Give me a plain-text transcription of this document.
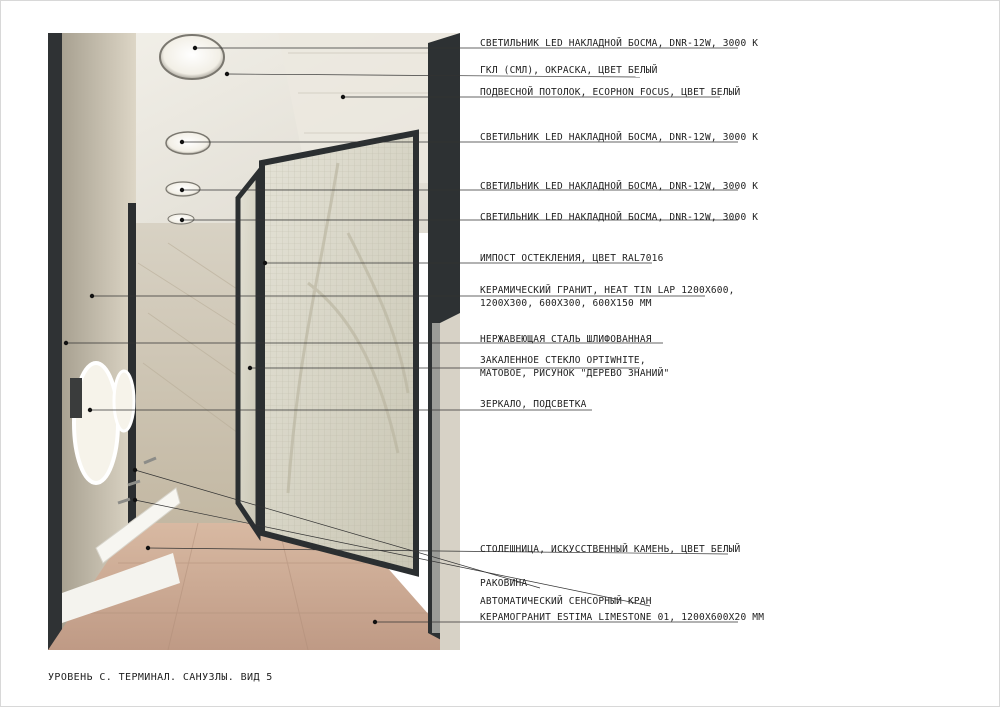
СВЕТИЛЬНИК LED НАКЛАДНОЙ БОСМА, DNR-12W, 3000 K
ГКЛ (СМЛ), ОКРАСКА, ЦВЕТ БЕЛЫЙ
ПОДВЕСНОЙ ПОТОЛОК, ECOPHON FOCUS, ЦВЕТ БЕЛЫЙ
СВЕТИЛЬНИК LED НАКЛАДНОЙ БОСМА, DNR-12W, 3000 K
СВЕТИЛЬНИК LED НАКЛАДНОЙ БОСМА, DNR-12W, 3000 K
СВЕТИЛЬНИК LED НАКЛАДНОЙ БОСМА, DNR-12W, 3000 K
ИМПОСТ ОСТЕКЛЕНИЯ, ЦВЕТ RAL7016
КЕРАМИЧЕСКИЙ ГРАНИТ, HEAT TIN LAP 1200Х600,
1200Х300, 600Х300, 600Х150 ММ
НЕРЖАВЕЮЩАЯ СТАЛЬ ШЛИФОВАННАЯ
ЗАКАЛЕННОЕ СТЕКЛО OPTIWHITE,
МАТОВОЕ, РИСУНОК "ДЕРЕВО ЗНАНИЙ"
ЗЕРКАЛО, ПОДСВЕТКА
СТОЛЕШНИЦА, ИСКУССТВЕННЫЙ КАМЕНЬ, ЦВЕТ БЕЛЫЙ
РАКОВИНА
АВТОМАТИЧЕСКИЙ СЕНСОРНЫЙ КРАН
КЕРАМОГРАНИТ ESTIMA LIMESTONE 01, 1200Х600Х20 ММ
УРОВЕНЬ С. ТЕРМИНАЛ. САНУЗЛЫ. ВИД 5
